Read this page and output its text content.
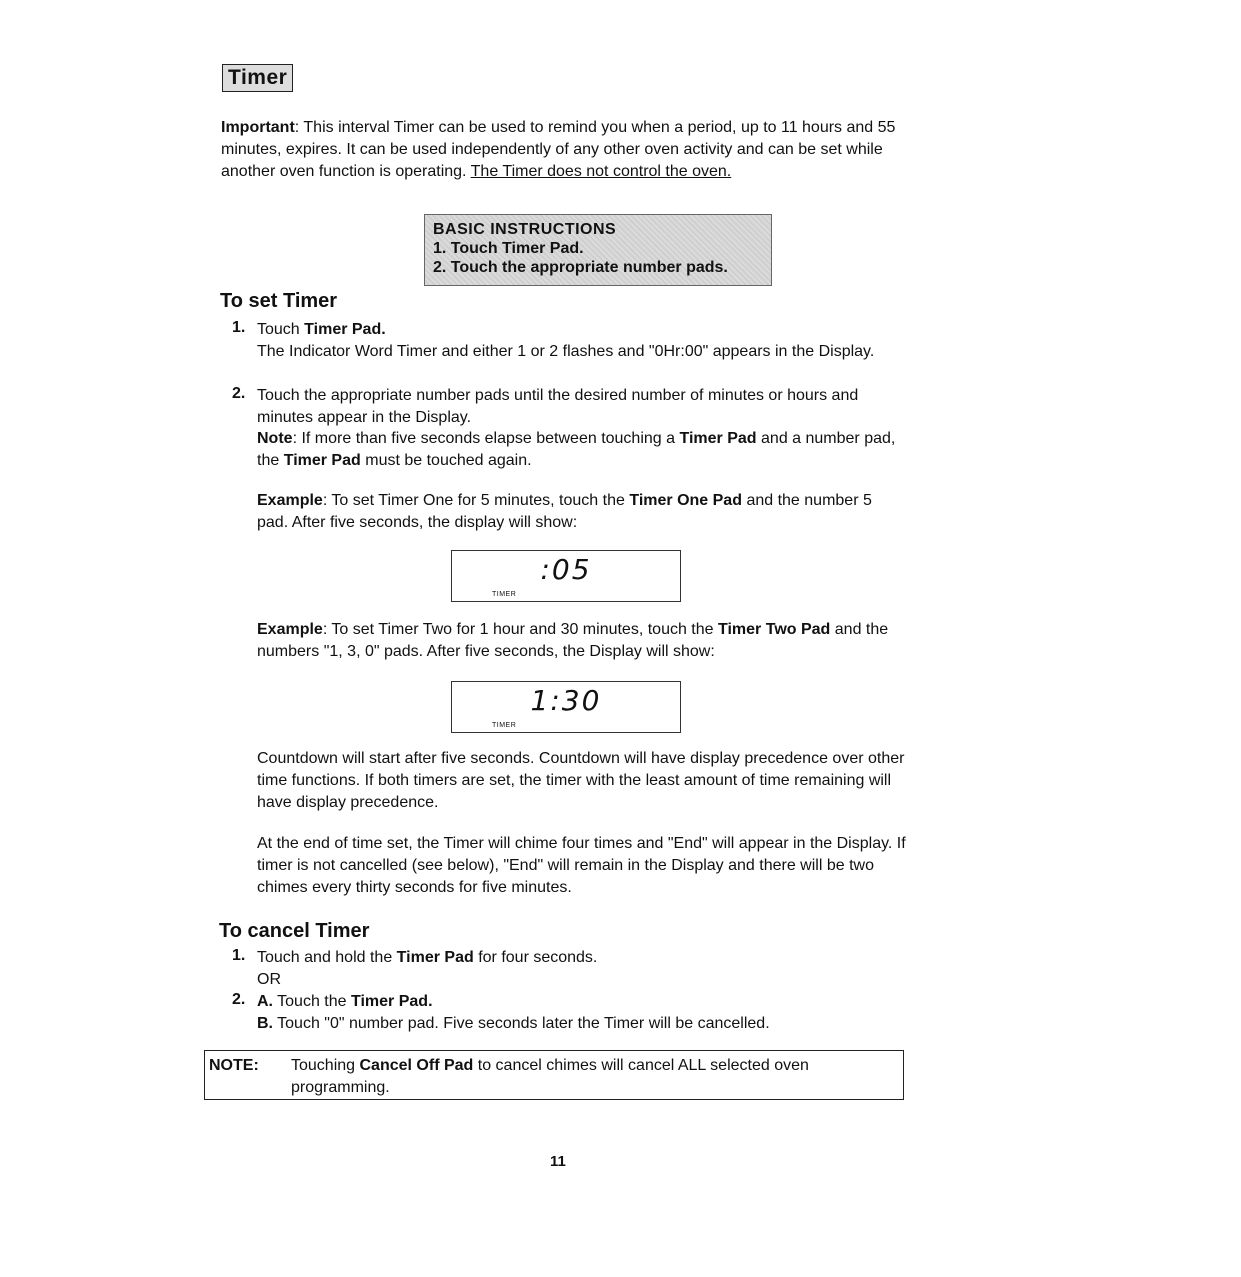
Timer
Important: This interval Timer can be used to remind you when a period, up to 11 hours and 55 minutes, expires. It can be used independently of any other oven activity and can be set while another oven function is operating. The Timer does not control the oven.
BASIC INSTRUCTIONS
1. Touch Timer Pad.
2. Touch the appropriate number pads.
To set Timer
1. Touch Timer Pad.
The Indicator Word Timer and either 1 or 2 flashes and "0Hr:00" appears in the Display.
2. Touch the appropriate number pads until the desired number of minutes or hours and minutes appear in the Display.
Note: If more than five seconds elapse between touching a Timer Pad and a number pad, the Timer Pad must be touched again.
Example: To set Timer One for 5 minutes, touch the Timer One Pad and the number 5 pad. After five seconds, the display will show:
:05
TIMER
Example: To set Timer Two for 1 hour and 30 minutes, touch the Timer Two Pad and the numbers "1, 3, 0" pads. After five seconds, the Display will show:
1:30
TIMER
Countdown will start after five seconds. Countdown will have display precedence over other time functions. If both timers are set, the timer with the least amount of time remaining will have display precedence.
At the end of time set, the Timer will chime four times and "End" will appear in the Display. If timer is not cancelled (see below), "End" will remain in the Display and there will be two chimes every thirty seconds for five minutes.
To cancel Timer
1. Touch and hold the Timer Pad for four seconds.
OR
2. A. Touch the Timer Pad.
B. Touch "0" number pad. Five seconds later the Timer will be cancelled.
NOTE: Touching Cancel Off Pad to cancel chimes will cancel ALL selected oven programming.
11
